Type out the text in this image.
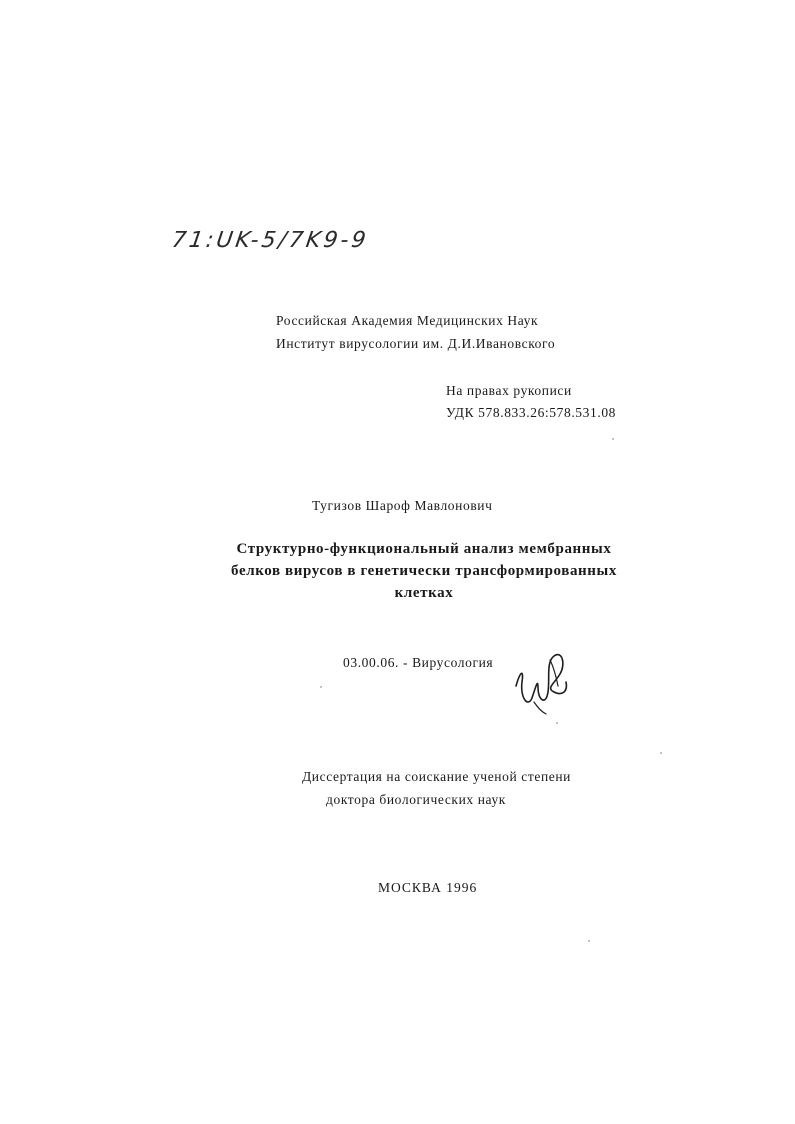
71:UK-5/7K9-9
Российская Академия Медицинских Наук
Институт вирусологии им. Д.И.Ивановского
На правах рукописи
УДК 578.833.26:578.531.08
Тугизов Шароф Мавлонович
Структурно-функциональный анализ мембранных
белков вирусов в генетически трансформированных
клетках
03.00.06. - Вирусология
Диссертация на соискание ученой степени
доктора биологических наук
МОСКВА 1996
